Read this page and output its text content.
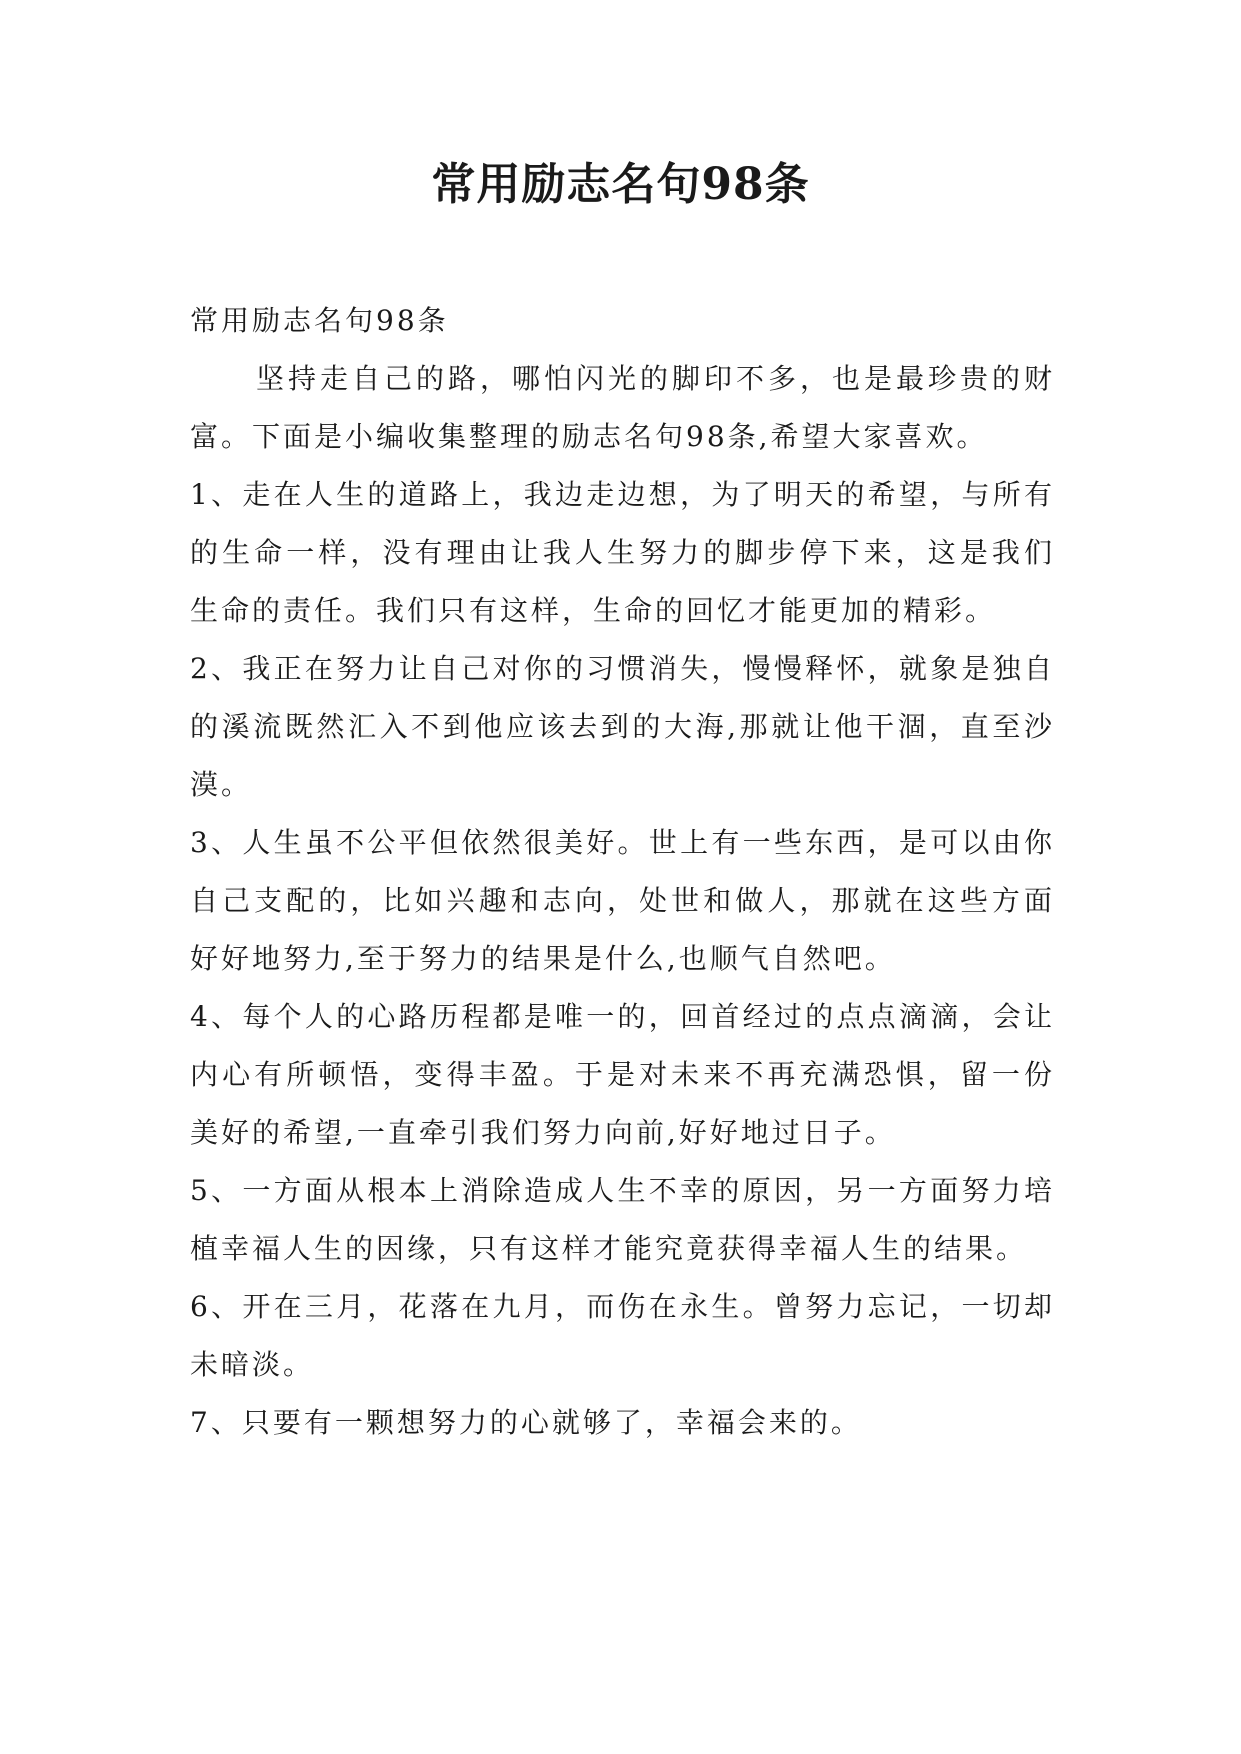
常用励志名句98条

常用励志名句98条

坚持走自己的路，哪怕闪光的脚印不多，也是最珍贵的财富。下面是小编收集整理的励志名句98条,希望大家喜欢。

1、走在人生的道路上，我边走边想，为了明天的希望，与所有的生命一样，没有理由让我人生努力的脚步停下来，这是我们生命的责任。我们只有这样，生命的回忆才能更加的精彩。

2、我正在努力让自己对你的习惯消失，慢慢释怀，就象是独自的溪流既然汇入不到他应该去到的大海,那就让他干涸，直至沙漠。

3、人生虽不公平但依然很美好。世上有一些东西，是可以由你自己支配的，比如兴趣和志向，处世和做人，那就在这些方面好好地努力,至于努力的结果是什么,也顺气自然吧。

4、每个人的心路历程都是唯一的，回首经过的点点滴滴，会让内心有所顿悟，变得丰盈。于是对未来不再充满恐惧，留一份美好的希望,一直牵引我们努力向前,好好地过日子。

5、一方面从根本上消除造成人生不幸的原因，另一方面努力培植幸福人生的因缘，只有这样才能究竟获得幸福人生的结果。

6、开在三月，花落在九月，而伤在永生。曾努力忘记，一切却未暗淡。

7、只要有一颗想努力的心就够了，幸福会来的。
